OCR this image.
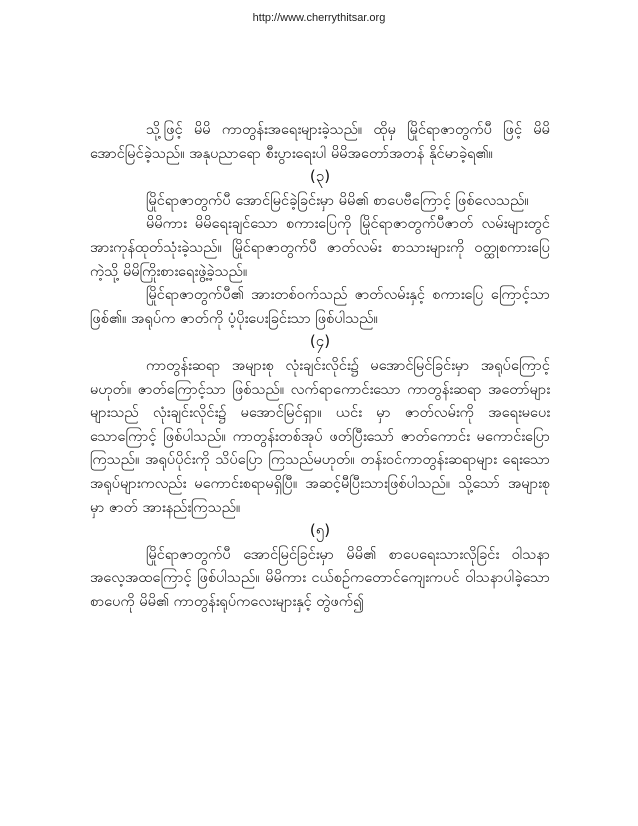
http://www.cherrythitsar.org

သို့ဖြင့် မိမိ ကာတွန်းအရေးများခဲ့သည်။ ထိုမှ မြိုင်ရာဇာတွက်ပီ ဖြင့် မိမိ အောင်မြင်ခဲ့သည်။ အနုပညာရော စီးပွားရေးပါ မိမိအတော်အတန် နိုင်မာခဲ့ရ၏။

(၃)

မြိုင်ရာဇာတွက်ပီ အောင်မြင်ခဲ့ခြင်းမှာ မိမိ၏ စာပေဗီကြောင့် ဖြစ်လေသည်။

မိမိကား မိမိရေးချင်သော စကားပြေကို မြိုင်ရာဇာတွက်ပီဇာတ် လမ်းများတွင် အားကုန်ထုတ်သုံးခဲ့သည်။ မြိုင်ရာဇာတွက်ပီ ဇာတ်လမ်း စာသားများကို ဝတ္ထုစကားပြေကဲ့သို့ မိမိကြိုးစားရေးဖွဲ့ခဲ့သည်။

မြိုင်ရာဇာတွက်ပီ၏ အားတစ်ဝက်သည် ဇာတ်လမ်းနှင့် စကားပြေ ကြောင့်သာဖြစ်၏။ အရုပ်က ဇာတ်ကို ပံ့ပိုးပေးခြင်းသာ ဖြစ်ပါသည်။

(၄)

ကာတွန်းဆရာ အများစု လုံးချင်းလိုင်း၌ မအောင်မြင်ခြင်းမှာ အရုပ်ကြောင့်မဟုတ်။ ဇာတ်ကြောင့်သာ ဖြစ်သည်။ လက်ရာကောင်းသော ကာတွန်းဆရာ အတော်များများသည် လုံးချင်းလိုင်း၌ မအောင်မြင်ရှာ။ ယင်း မှာ ဇာတ်လမ်းကို အရေးမပေးသောကြောင့် ဖြစ်ပါသည်။ ကာတွန်းတစ်အုပ် ဖတ်ပြီးသော် ဇာတ်ကောင်း မကောင်းပြောကြသည်။ အရုပ်ပိုင်းကို သိပ်ပြော ကြသည်မဟုတ်။ တန်းဝင်ကာတွန်းဆရာများ ရေးသော အရုပ်များကလည်း မကောင်းစရာမရှိပြီ။ အဆင့်မီပြီးသားဖြစ်ပါသည်။ သို့သော် အများစုမှာ ဇာတ် အားနည်းကြသည်။

(၅)

မြိုင်ရာဇာတွက်ပီ အောင်မြင်ခြင်းမှာ မိမိ၏ စာပေရေးသားလိုခြင်း ဝါသနာအလေ့အထကြောင့် ဖြစ်ပါသည်။ မိမိကား ငယ်စဉ်ကတောင်ကျေးကပင် ဝါသနာပါခဲ့သော စာပေကို မိမိ၏ ကာတွန်းရုပ်ကလေးများနှင့် တွဲဖက်၍
